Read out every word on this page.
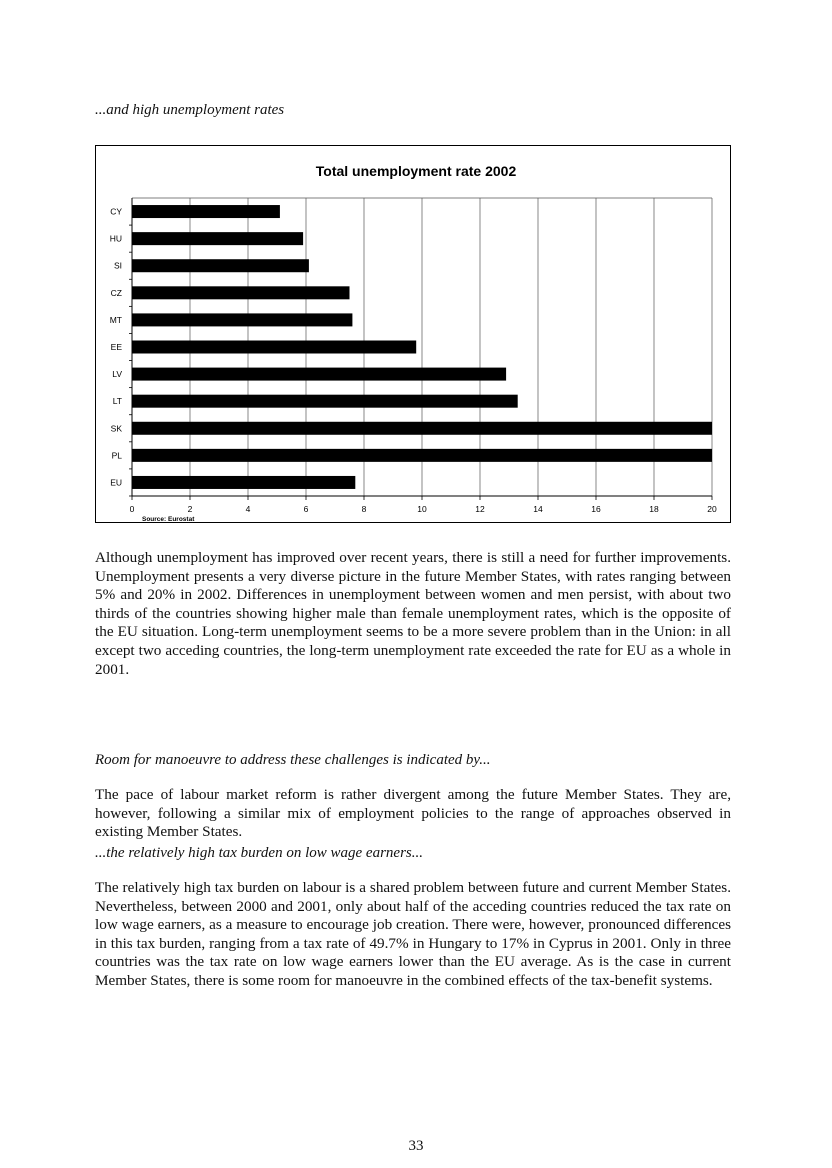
...and high unemployment rates
Total unemployment rate 2002
CY
HU
SI
CZ
MT
EE
LV
LT
SK
PL
EU
0	2	4	6	8	10	12	14	16	18	20
Source: Eurostat

Although unemployment has improved over recent years, there is still a need for further improvements. Unemployment presents a very diverse picture in the future Member States, with rates ranging between 5% and 20% in 2002. Differences in unemployment between women and men persist, with about two thirds of the countries showing higher male than female unemployment rates, which is the opposite of the EU situation. Long-term unemployment seems to be a more severe problem than in the Union: in all except two acceding countries, the long-term unemployment rate exceeded the rate for EU as a whole in 2001.

Room for manoeuvre to address these challenges is indicated by...

The pace of labour market reform is rather divergent among the future Member States. They are, however, following a similar mix of employment policies to the range of approaches observed in existing Member States.

...the relatively high tax burden on low wage earners...

The relatively high tax burden on labour is a shared problem between future and current Member States. Nevertheless, between 2000 and 2001, only about half of the acceding countries reduced the tax rate on low wage earners, as a measure to encourage job creation. There were, however, pronounced differences in this tax burden, ranging from a tax rate of 49.7% in Hungary to 17% in Cyprus in 2001. Only in three countries was the tax rate on low wage earners lower than the EU average. As is the case in current Member States, there is some room for manoeuvre in the combined effects of the tax-benefit systems.

33
